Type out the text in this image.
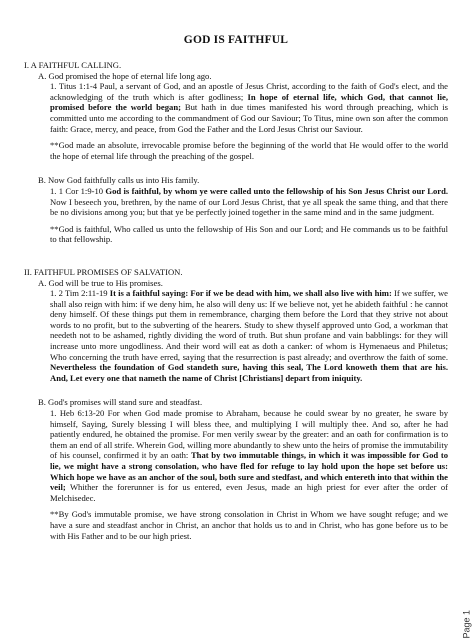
GOD IS FAITHFUL
I. A FAITHFUL CALLING.
A. God promised the hope of eternal life long ago.

1. Titus 1:1-4 Paul, a servant of God, and an apostle of Jesus Christ, according to the faith of God's elect, and the acknowledging of the truth which is after godliness; In hope of eternal life, which God, that cannot lie, promised before the world began; But hath in due times manifested his word through preaching, which is committed unto me according to the commandment of God our Saviour; To Titus, mine own son after the common faith: Grace, mercy, and peace, from God the Father and the Lord Jesus Christ our Saviour.

**God made an absolute, irrevocable promise before the beginning of the world that He would offer to the world the hope of eternal life through the preaching of the gospel.

B. Now God faithfully calls us into His family.

1. 1 Cor 1:9-10 God is faithful, by whom ye were called unto the fellowship of his Son Jesus Christ our Lord. Now I beseech you, brethren, by the name of our Lord Jesus Christ, that ye all speak the same thing, and that there be no divisions among you; but that ye be perfectly joined together in the same mind and in the same judgment.

**God is faithful, Who called us unto the fellowship of His Son and our Lord; and He commands us to be faithful to that fellowship.

II. FAITHFUL PROMISES OF SALVATION.
A. God will be true to His promises.

1. 2 Tim 2:11-19 It is a faithful saying: For if we be dead with him, we shall also live with him: If we suffer, we shall also reign with him: if we deny him, he also will deny us: If we believe not, yet he abideth faithful : he cannot deny himself. Of these things put them in remembrance, charging them before the Lord that they strive not about words to no profit, but to the subverting of the hearers. Study to shew thyself approved unto God, a workman that needeth not to be ashamed, rightly dividing the word of truth. But shun profane and vain babblings: for they will increase unto more ungodliness. And their word will eat as doth a canker: of whom is Hymenaeus and Philetus; Who concerning the truth have erred, saying that the resurrection is past already; and overthrow the faith of some. Nevertheless the foundation of God standeth sure, having this seal, The Lord knoweth them that are his. And, Let every one that nameth the name of Christ [Christians] depart from iniquity.

B. God's promises will stand sure and steadfast.

1. Heb 6:13-20 For when God made promise to Abraham, because he could swear by no greater, he sware by himself, Saying, Surely blessing I will bless thee, and multiplying I will multiply thee. And so, after he had patiently endured, he obtained the promise. For men verily swear by the greater: and an oath for confirmation is to them an end of all strife. Wherein God, willing more abundantly to shew unto the heirs of promise the immutability of his counsel, confirmed it by an oath: That by two immutable things, in which it was impossible for God to lie, we might have a strong consolation, who have fled for refuge to lay hold upon the hope set before us: Which hope we have as an anchor of the soul, both sure and stedfast, and which entereth into that within the veil; Whither the forerunner is for us entered, even Jesus, made an high priest for ever after the order of Melchisedec.

**By God's immutable promise, we have strong consolation in Christ in Whom we have sought refuge; and we have a sure and steadfast anchor in Christ, an anchor that holds us to and in Christ, who has gone before us to be with His Father and to be our high priest.

Page 1
